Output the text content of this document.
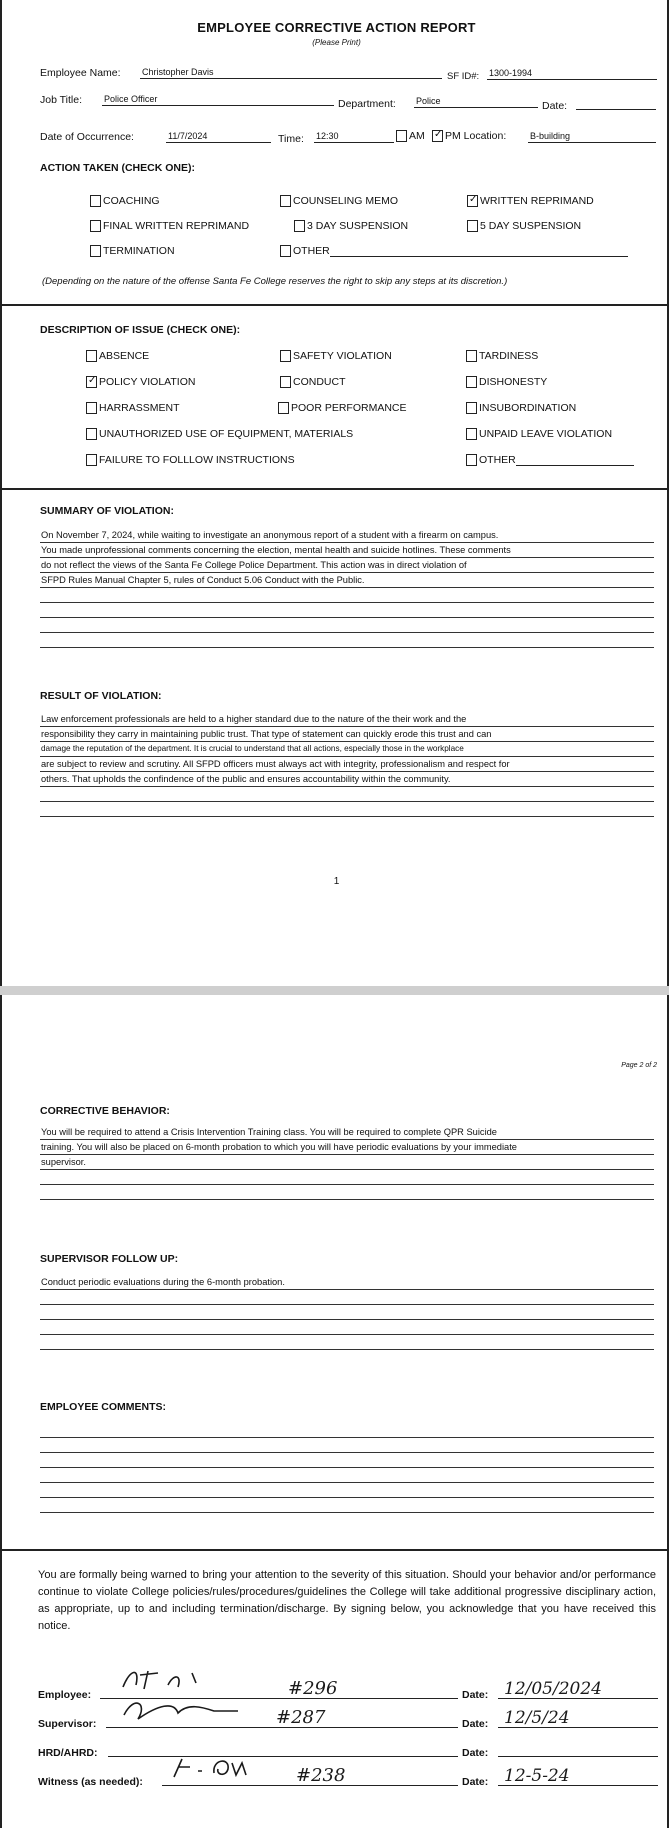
EMPLOYEE CORRECTIVE ACTION REPORT
(Please Print)
Employee Name: Christopher Davis	SF ID#: 1300-1994
Job Title: Police Officer	Department: Police	Date:
Date of Occurrence:	11/7/2024	Time: 12:30	AM ✓ PM Location:	B-building
ACTION TAKEN (CHECK ONE):
COACHING	COUNSELING MEMO ✓	WRITTEN REPRIMAND
FINAL WRITTEN REPRIMAND	3 DAY SUSPENSION	5 DAY SUSPENSION
TERMINATION	OTHER
(Depending on the nature of the offense Santa Fe College reserves the right to skip any steps at its discretion.)
DESCRIPTION OF ISSUE (CHECK ONE):
ABSENCE	SAFETY VIOLATION	TARDINESS
✓
POLICY VIOLATION	CONDUCT	DISHONESTY
HARRASSMENT	POOR PERFORMANCE	INSUBORDINATION
UNAUTHORIZED USE OF EQUIPMENT, MATERIALS	UNPAID LEAVE VIOLATION
FAILURE TO FOLLLOW INSTRUCTIONS	OTHER
SUMMARY OF VIOLATION:
On November 7, 2024, while waiting to investigate an anonymous report of a student with a firearm on campus.
You made unprofessional comments concerning the election, mental health and suicide hotlines. These comments
do not reflect the views of the Santa Fe College Police Department. This action was in direct violation of
SFPD Rules Manual Chapter 5, rules of Conduct 5.06 Conduct with the Public.
RESULT OF VIOLATION:
Law enforcement professionals are held to a higher standard due to the nature of the their work and the
responsibility they carry in maintaining public trust. That type of statement can quickly erode this trust and can
damage the reputation of the department. It is crucial to understand that all actions, especially those in the workplace
are subject to review and scrutiny. All SFPD officers must always act with integrity, professionalism and respect for
others. That upholds the confindence of the public and ensures accountability within the community.
1
Page 2 of 2
CORRECTIVE BEHAVIOR:
You will be required to attend a Crisis Intervention Training class. You will be required to complete QPR Suicide
training. You will also be placed on 6-month probation to which you will have periodic evaluations by your immediate
supervisor.
SUPERVISOR FOLLOW UP:
Conduct periodic evaluations during the 6-month probation.
EMPLOYEE COMMENTS:
You are formally being warned to bring your attention to the severity of this situation. Should your behavior and/or performance continue to violate College policies/rules/procedures/guidelines the College will take additional progressive disciplinary action, as appropriate, up to and including termination/discharge. By signing below, you acknowledge that you have received this notice.
Employee:	#296	Date: 12/05/2024
Supervisor:	#287	Date: 12/5/24
HRD/AHRD:	Date:
Witness (as needed):	#238	Date: 12-5-24
